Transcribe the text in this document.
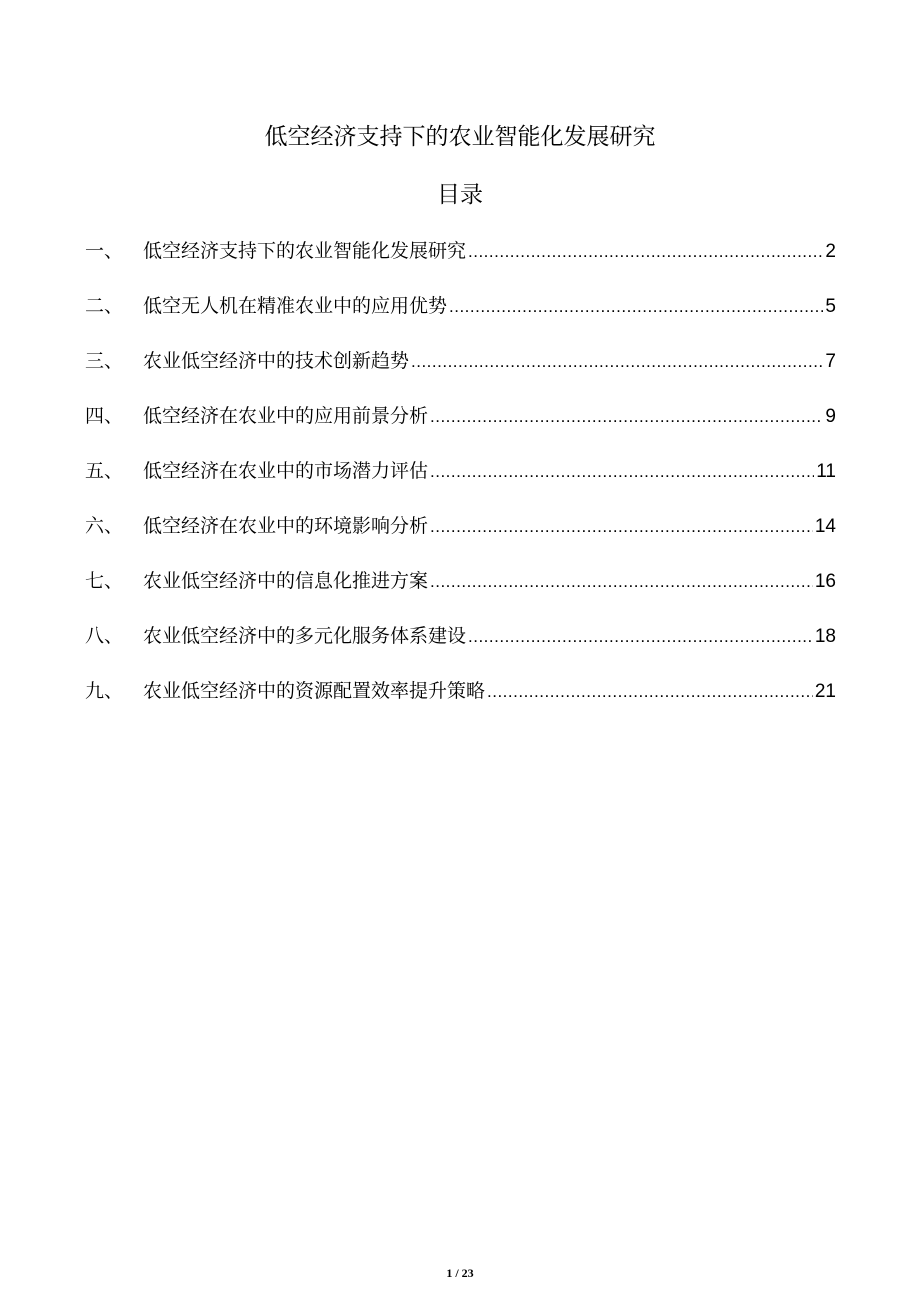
低空经济支持下的农业智能化发展研究
目录
一、	低空经济支持下的农业智能化发展研究 .....	2
二、	低空无人机在精准农业中的应用优势 .....	5
三、	农业低空经济中的技术创新趋势 .....	7
四、	低空经济在农业中的应用前景分析 .....	9
五、	低空经济在农业中的市场潜力评估 .....	11
六、	低空经济在农业中的环境影响分析 .....	14
七、	农业低空经济中的信息化推进方案 .....	16
八、	农业低空经济中的多元化服务体系建设 .....	18
九、	农业低空经济中的资源配置效率提升策略 .....	21
1 / 23
